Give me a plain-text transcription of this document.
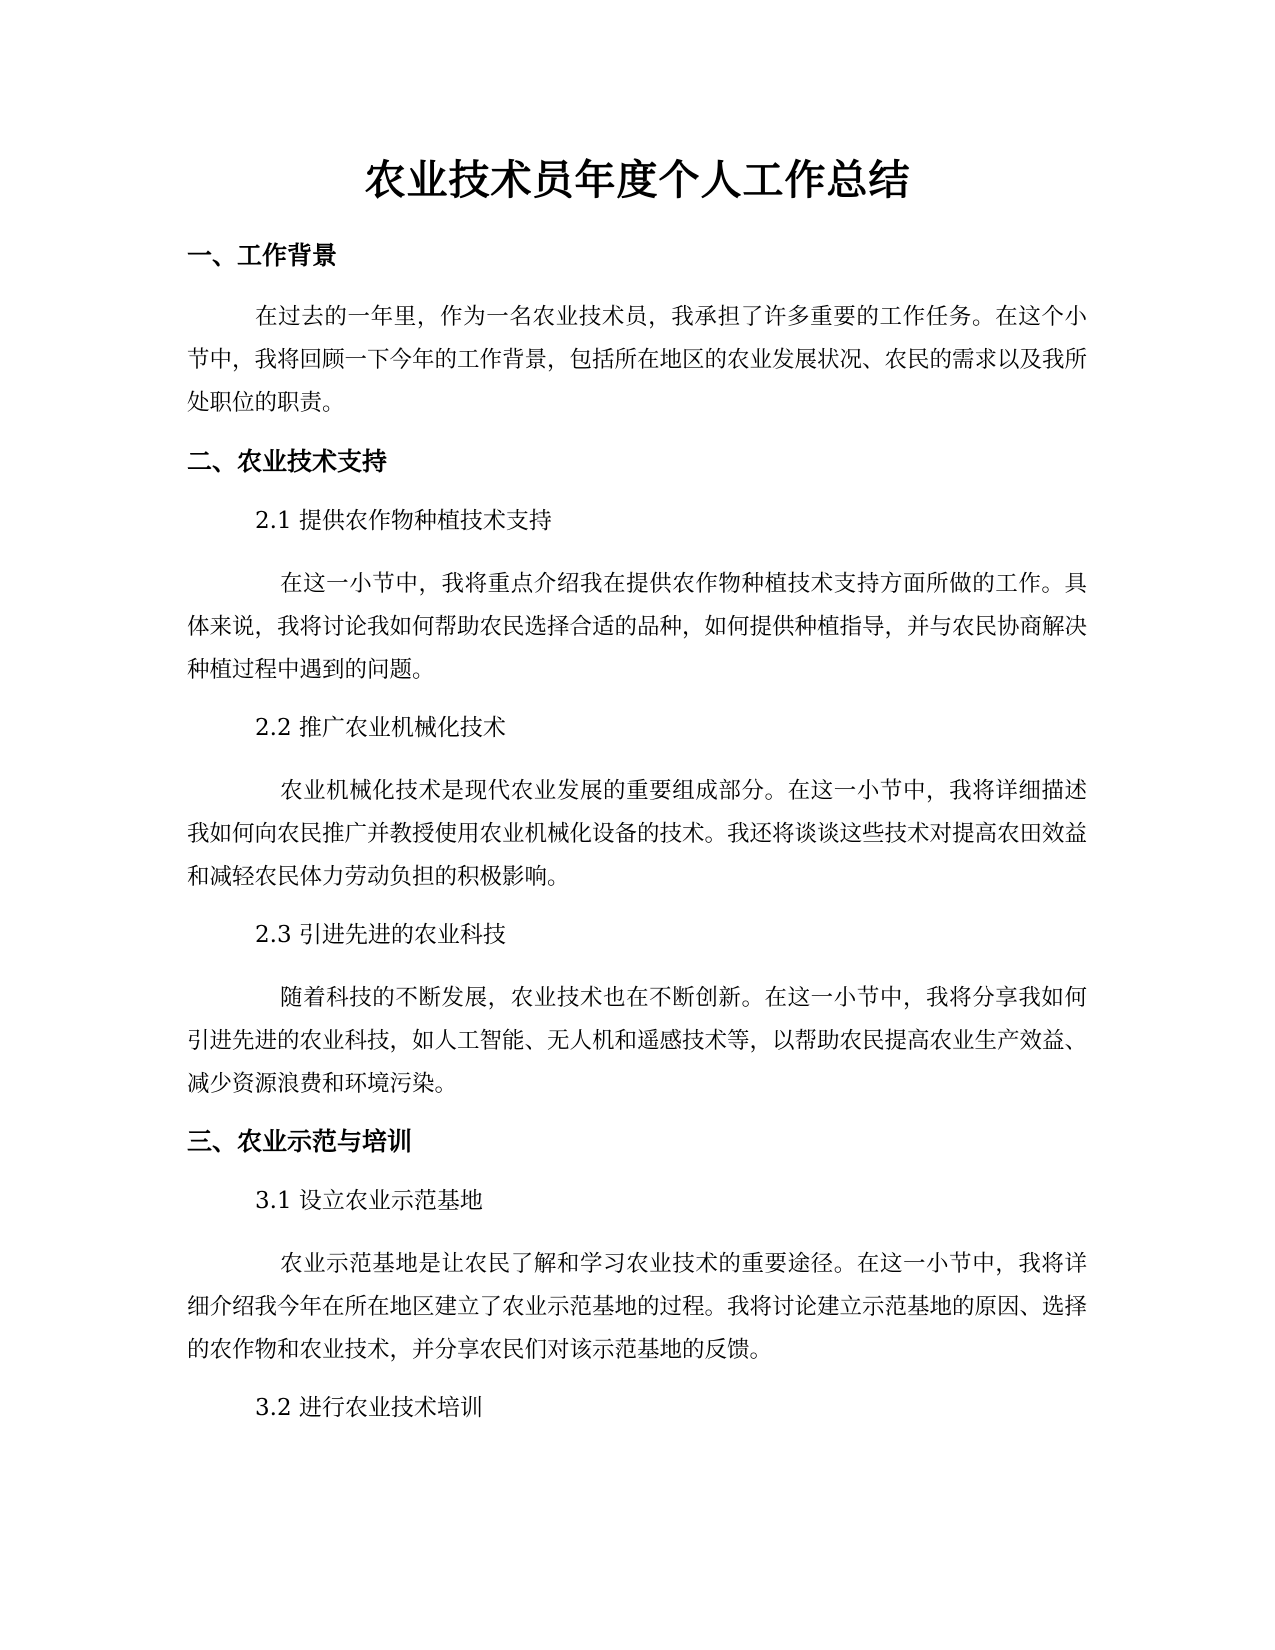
农业技术员年度个人工作总结
一、工作背景

在过去的一年里，作为一名农业技术员，我承担了许多重要的工作任务。在这个小节中，我将回顾一下今年的工作背景，包括所在地区的农业发展状况、农民的需求以及我所处职位的职责。

二、农业技术支持
2.1 提供农作物种植技术支持

在这一小节中，我将重点介绍我在提供农作物种植技术支持方面所做的工作。具体来说，我将讨论我如何帮助农民选择合适的品种，如何提供种植指导，并与农民协商解决种植过程中遇到的问题。

2.2 推广农业机械化技术

农业机械化技术是现代农业发展的重要组成部分。在这一小节中，我将详细描述我如何向农民推广并教授使用农业机械化设备的技术。我还将谈谈这些技术对提高农田效益和减轻农民体力劳动负担的积极影响。

2.3 引进先进的农业科技

随着科技的不断发展，农业技术也在不断创新。在这一小节中，我将分享我如何引进先进的农业科技，如人工智能、无人机和遥感技术等，以帮助农民提高农业生产效益、减少资源浪费和环境污染。

三、农业示范与培训
3.1 设立农业示范基地

农业示范基地是让农民了解和学习农业技术的重要途径。在这一小节中，我将详细介绍我今年在所在地区建立了农业示范基地的过程。我将讨论建立示范基地的原因、选择的农作物和农业技术，并分享农民们对该示范基地的反馈。

3.2 进行农业技术培训
